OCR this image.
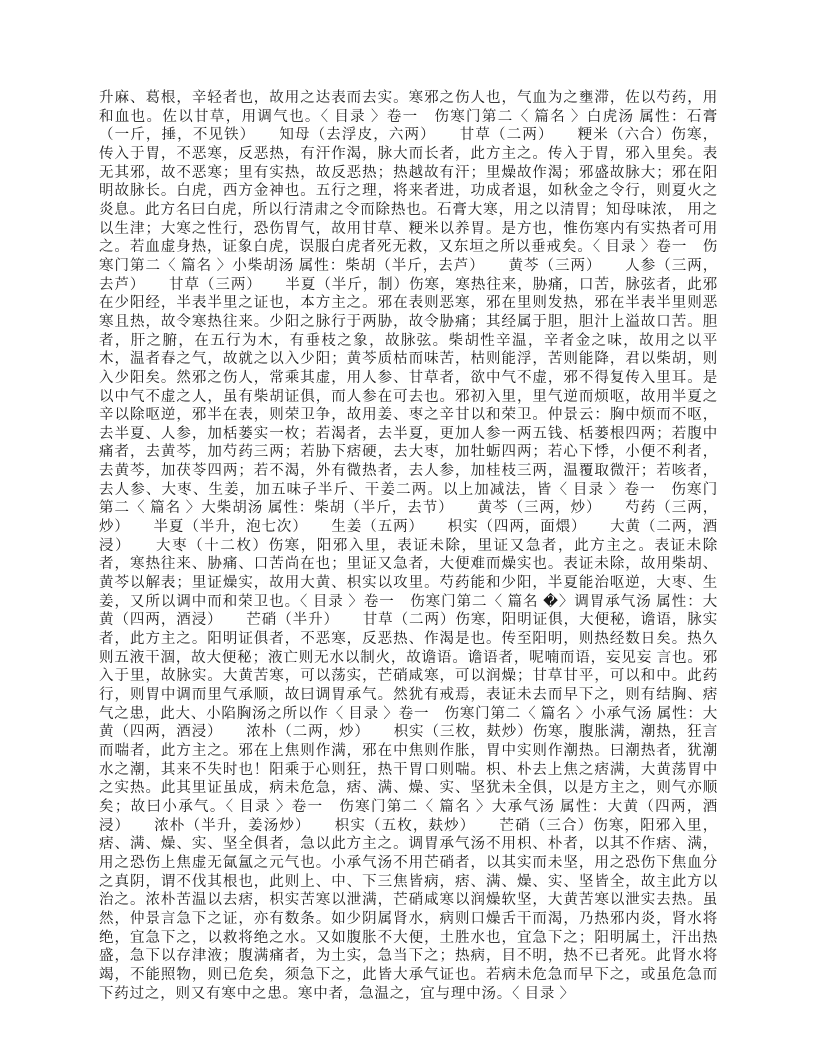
升麻、葛根，辛轻者也，故用之达表而去实。寒邪之伤人也，气血为之壅滞，佐以芍药，用和血也。佐以甘草，用调气也。〈 目录 〉卷一　伤寒门第二〈 篇名 〉白虎汤 属性：石膏（一斤，捶，不见铁）　　知母（去浮皮，六两）　　甘草（二两）　　粳米（六合）伤寒，传入于胃，不恶寒，反恶热，有汗作渴，脉大而长者，此方主之。传入于胃，邪入里矣。表无其邪，故不恶寒；里有实热，故反恶热；热越故有汗；里燥故作渴；邪盛故脉大；邪在阳明故脉长。白虎，西方金神也。五行之理，将来者进，功成者退，如秋金之令行，则夏火之炎息。此方名曰白虎，所以行清肃之令而除热也。石膏大寒，用之以清胃；知母味浓， 用之以生津；大寒之性行，恐伤胃气，故用甘草、粳米以养胃。是方也，惟伤寒内有实热者可用之。若血虚身热，证象白虎，误服白虎者死无救，又东垣之所以垂戒矣。〈 目录 〉卷一　伤寒门第二〈 篇名 〉小柴胡汤 属性：柴胡（半斤，去芦）　　黄芩（三两）　　人参（三两，去芦）　　甘草（三两）　　半夏（半斤，制）伤寒，寒热往来，胁痛，口苦，脉弦者，此邪在少阳经，半表半里之证也，本方主之。邪在表则恶寒，邪在里则发热，邪在半表半里则恶寒且热，故令寒热往来。少阳之脉行于两胁，故令胁痛；其经属于胆，胆汁上溢故口苦。胆者，肝之腑，在五行为木，有垂枝之象，故脉弦。柴胡性辛温，辛者金之味，故用之以平木，温者春之气，故就之以入少阳；黄芩质枯而味苦，枯则能浮，苦则能降，君以柴胡，则入少阳矣。然邪之伤人，常乘其虚，用人参、甘草者，欲中气不虚，邪不得复传入里耳。是以中气不虚之人，虽有柴胡证俱，而人参在可去也。邪初入里，里气逆而烦呕，故用半夏之辛以除呕逆，邪半在表，则荣卫争，故用姜、枣之辛甘以和荣卫。仲景云：胸中烦而不呕，去半夏、人参，加栝蒌实一枚；若渴者，去半夏，更加人参一两五钱、栝蒌根四两；若腹中痛者，去黄芩，加芍药三两；若胁下痞硬，去大枣，加牡蛎四两；若心下悸，小便不利者，去黄芩，加茯苓四两；若不渴，外有微热者，去人参，加桂枝三两，温覆取微汗；若咳者，去人参、大枣、生姜，加五味子半斤、干姜二两。以上加减法，皆〈 目录 〉卷一　伤寒门第二〈 篇名 〉大柴胡汤 属性：柴胡（半斤，去节）　　黄芩（三两，炒）　　芍药（三两，炒）　　半夏（半升，泡七次）　　生姜（五两）　　枳实（四两，面煨）　　大黄（二两，酒浸）　　大枣（十二枚）伤寒，阳邪入里，表证未除，里证又急者，此方主之。表证未除者，寒热往来、胁痛、口苦尚在也；里证又急者，大便难而燥实也。表证未除，故用柴胡、黄芩以解表；里证燥实，故用大黄、枳实以攻里。芍药能和少阳，半夏能治呕逆，大枣、生姜，又所以调中而和荣卫也。〈 目录 〉卷一　伤寒门第二〈 篇名 �〉调胃承气汤 属性：大黄（四两，酒浸）　　芒硝（半升）　　甘草（二两）伤寒，阳明证俱，大便秘，谵语，脉实者，此方主之。阳明证俱者，不恶寒，反恶热、作渴是也。传至阳明，则热经数日矣。热久则五液干涸，故大便秘；液亡则无水以制火，故谵语。谵语者，呢喃而语，妄见妄 言也。邪入于里，故脉实。大黄苦寒，可以荡实，芒硝咸寒，可以润燥；甘草甘平，可以和中。此药行，则胃中调而里气承顺，故曰调胃承气。然犹有戒焉，表证未去而早下之，则有结胸、痞气之患，此大、小陷胸汤之所以作〈 目录 〉卷一　伤寒门第二〈 篇名 〉小承气汤 属性：大黄（四两，酒浸）　　浓朴（二两，炒）　　枳实（三枚，麸炒）伤寒，腹胀满，潮热，狂言而喘者，此方主之。邪在上焦则作满，邪在中焦则作胀，胃中实则作潮热。曰潮热者，犹潮水之潮，其来不失时也！阳乘于心则狂，热干胃口则喘。枳、朴去上焦之痞满，大黄荡胃中之实热。此其里证虽成，病未危急，痞、满、燥、实、坚犹未全俱，以是方主之，则气亦顺矣；故曰小承气。〈 目录 〉卷一　伤寒门第二〈 篇名 〉大承气汤 属性：大黄（四两，酒浸）　　浓朴（半升，姜汤炒）　　枳实（五枚，麸炒）　　芒硝（三合）伤寒，阳邪入里，痞、满、燥、实、坚全俱者，急以此方主之。调胃承气汤不用枳、朴者，以其不作痞、满，用之恐伤上焦虚无氤氲之元气也。小承气汤不用芒硝者，以其实而未坚，用之恐伤下焦血分之真阴，谓不伐其根也，此则上、中、下三焦皆病，痞、满、燥、实、坚皆全，故主此方以治之。浓朴苦温以去痞，枳实苦寒以泄满，芒硝咸寒以润燥软坚，大黄苦寒以泄实去热。虽然，仲景言急下之证，亦有数条。如少阴属肾水，病则口燥舌干而渴，乃热邪内炎，肾水将绝，宜急下之，以救将绝之水。又如腹胀不大便，土胜水也，宜急下之；阳明属土，汗出热盛，急下以存津液；腹满痛者，为土实，急当下之；热病，目不明，热不已者死。此肾水将竭，不能照物，则已危矣，须急下之，此皆大承气证也。若病未危急而早下之，或虽危急而下药过之，则又有寒中之患。寒中者，急温之，宜与理中汤。〈 目录 〉
